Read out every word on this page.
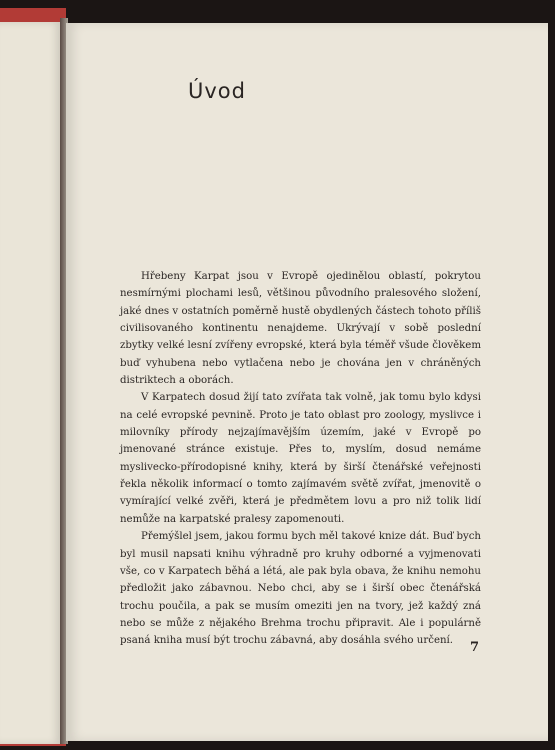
Úvod

Hřebeny Karpat jsou v Evropě ojedinělou oblastí, pokrytou nesmírnými plochami lesů, většinou původního pralesového složení, jaké dnes v ostatních poměrně hustě obydlených částech tohoto příliš civilisovaného kontinentu nenajdeme. Ukrývají v sobě poslední zbytky velké lesní zvířeny evropské, která byla téměř všude člověkem buď vyhubena nebo vytlačena nebo je chována jen v chráněných distriktech a oborách.

V Karpatech dosud žijí tato zvířata tak volně, jak tomu bylo kdysi na celé evropské pevnině. Proto je tato oblast pro zoology, myslivce i milovníky přírody nejzajímavějším územím, jaké v Evropě po jmenované stránce existuje. Přes to, myslím, dosud nemáme myslivecko-přírodopisné knihy, která by širší čtenářské veřejnosti řekla několik informací o tomto zajímavém světě zvířat, jmenovitě o vymírající velké zvěři, která je předmětem lovu a pro niž tolik lidí nemůže na karpatské pralesy zapomenouti.

Přemýšlel jsem, jakou formu bych měl takové knize dát. Buď bych byl musil napsati knihu výhradně pro kruhy odborné a vyjmenovati vše, co v Karpatech běhá a létá, ale pak byla obava, že knihu nemohu předložit jako zábavnou. Nebo chci, aby se i širší obec čtenářská trochu poučila, a pak se musím omeziti jen na tvory, jež každý zná nebo se může z nějakého Brehma trochu připravit. Ale i populárně psaná kniha musí být trochu zábavná, aby dosáhla svého určení.	7
